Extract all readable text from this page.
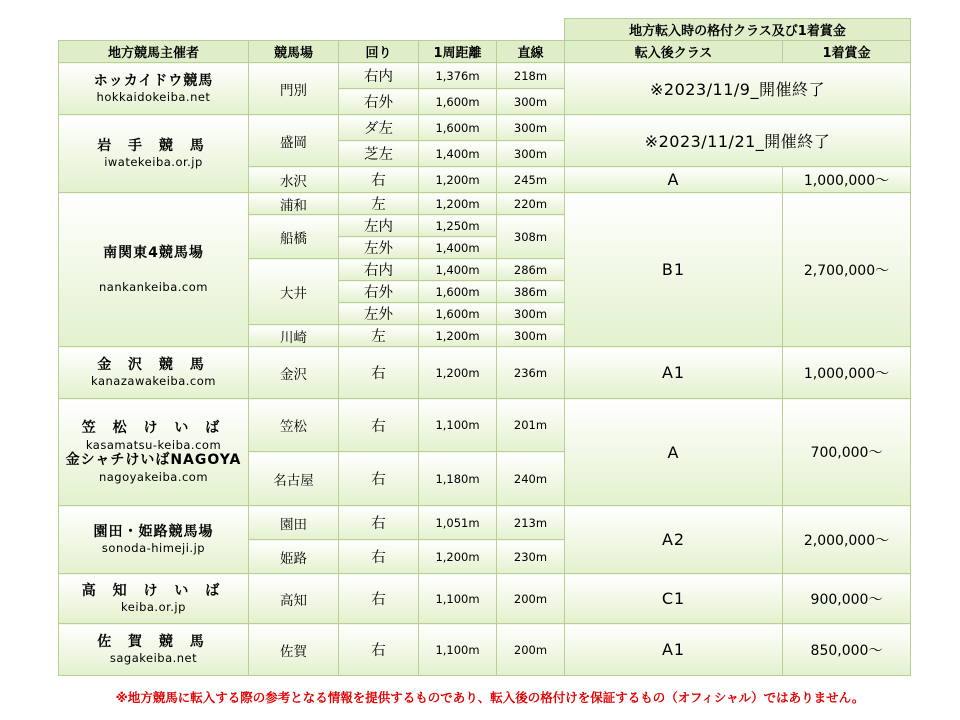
					地方転入時の格付クラス及び1着賞金	
地方競馬主催者	競馬場	回り	1周距離	直線	転入後クラス	1着賞金

ホッカイドウ競馬
hokkaidokeiba.net	門別	右内	1,376m	218m	※2023/11/9_開催終了	
		右外	1,600m	300m		

岩 手 競 馬
iwatekeiba.or.jp	盛岡	ダ左	1,600m	300m	※2023/11/21_開催終了	
		芝左	1,400m	300m		
	水沢	右	1,200m	245m	A	1,000,000～

南関東4競馬場
nankankeiba.com	浦和	左	1,200m	220m	B1	2,700,000～
	船橋	左内	1,250m	308m		
		左外	1,400m			
	大井	右内	1,400m	286m		
		右外	1,600m	386m		
		左外	1,600m	300m		
	川崎	左	1,200m	300m		

金 沢 競 馬
kanazawakeiba.com	金沢	右	1,200m	236m	A1	1,000,000～

笠 松 け い ば
kasamatsu-keiba.com
金シャチけいばNAGOYA
nagoyakeiba.com	笠松	右	1,100m	201m	A	700,000～
	名古屋	右	1,180m	240m		

園田・姫路競馬場
sonoda-himeji.jp	園田	右	1,051m	213m	A2	2,000,000～
	姫路	右	1,200m	230m		

高 知 け い ば
keiba.or.jp	高知	右	1,100m	200m	C1	900,000～

佐 賀 競 馬
sagakeiba.net	佐賀	右	1,100m	200m	A1	850,000～
※地方競馬に転入する際の参考となる情報を提供するものであり、転入後の格付けを保証するもの（オフィシャル）ではありません。
